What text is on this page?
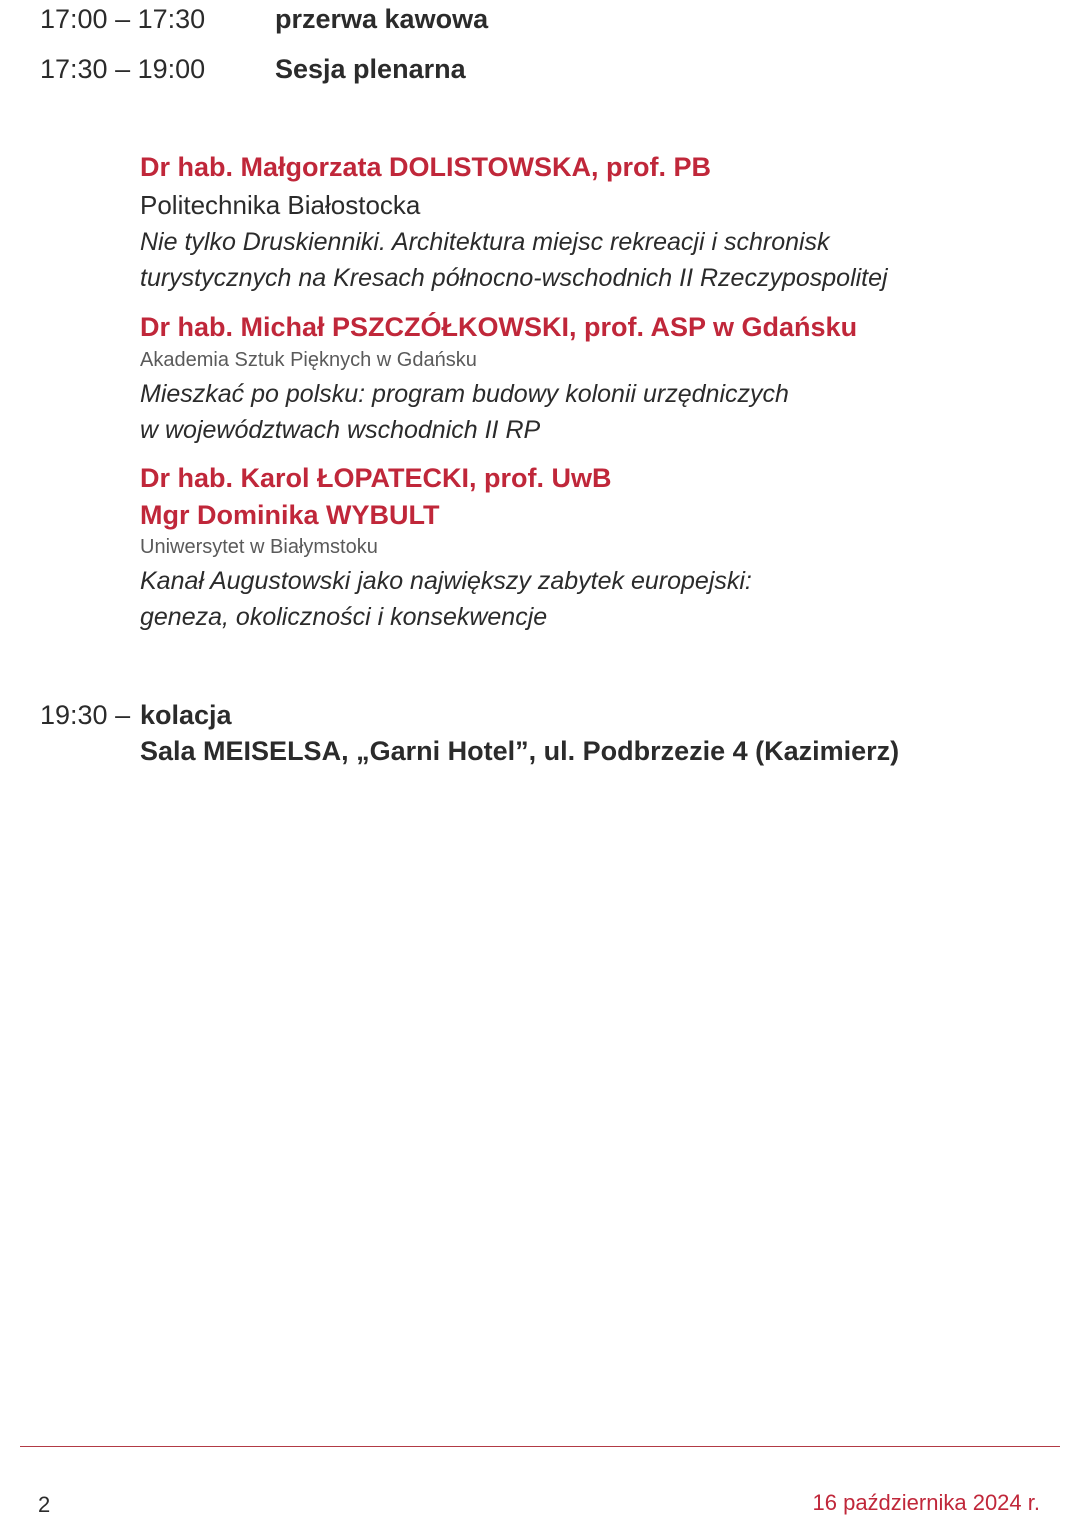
17:00 – 17:30	przerwa kawowa
17:30 – 19:00	Sesja plenarna
Dr hab. Małgorzata DOLISTOWSKA, prof. PB
Politechnika Białostocka
Nie tylko Druskienniki. Architektura miejsc rekreacji i schronisk
turystycznych na Kresach północno-wschodnich II Rzeczypospolitej
Dr hab. Michał PSZCZÓŁKOWSKI, prof. ASP w Gdańsku
Akademia Sztuk Pięknych w Gdańsku
Mieszkać po polsku: program budowy kolonii urzędniczych
w województwach wschodnich II RP
Dr hab. Karol ŁOPATECKI, prof. UwB
Mgr Dominika WYBULT
Uniwersytet w Białymstoku
Kanał Augustowski jako największy zabytek europejski:
geneza, okoliczności i konsekwencje
19:30 – kolacja
Sala MEISELSA, „Garni Hotel”, ul. Podbrzezie 4 (Kazimierz)
2	16 października 2024 r.
